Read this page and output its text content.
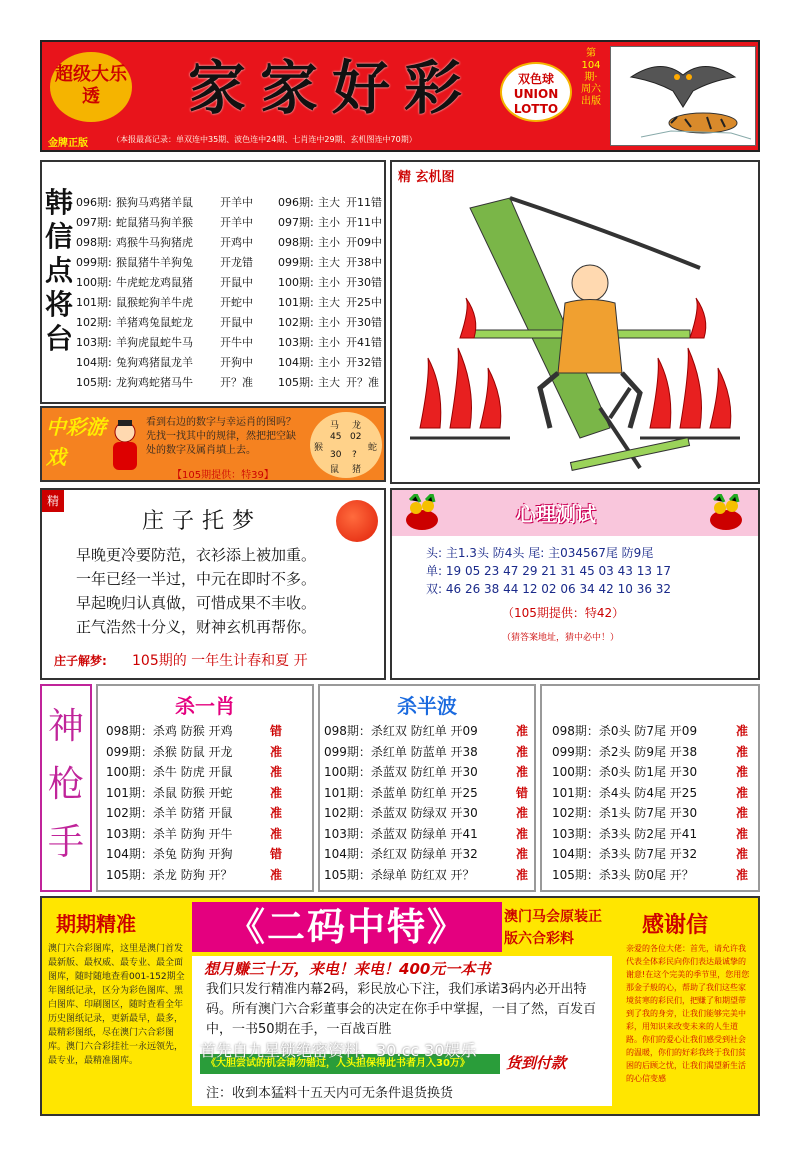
超级大乐透	家家好彩	双色球 UNION LOTTO
第104期·周六出版
金牌正版	（本报最高记录：单双连中35期、波色连中24期、七肖连中29期、玄机图连中70期）
韩信点将台
096期: 猴狗马鸡猪羊鼠 开羊中
097期: 蛇鼠猪马狗羊猴 开羊中
098期: 鸡猴牛马狗猪虎 开鸡中
099期: 猴鼠猪牛羊狗兔 开龙错
100期: 牛虎蛇龙鸡鼠猪 开鼠中
101期: 鼠猴蛇狗羊牛虎 开蛇中
102期: 羊猪鸡兔鼠蛇龙 开鼠中
103期: 羊狗虎鼠蛇牛马 开牛中
104期: 兔狗鸡猪鼠龙羊 开狗中
105期: 龙狗鸡蛇猪马牛 开？准
096期: 主大 开11错
097期: 主小 开11中
098期: 主小 开09中
099期: 主大 开38中
100期: 主小 开30错
101期: 主大 开25中
102期: 主小 开30错
103期: 主小 开41错
104期: 主小 开32错
105期: 主大 开？准
中彩游戏
看到右边的数字与幸运肖的图吗？先找一找其中的规律，然把把空缺处的数字及属肖填上去。
【105期提供：特39】
马 龙
蛇
猴
鼠 猪
45 02
30 ?
精 玄机图
精
庄子托梦
早晚更冷要防范，衣衫添上被加重。
一年已经一半过，中元在即时不多。
早起晚归认真做，可惜成果不丰收。
正气浩然十分义，财神玄机再帮你。
庄子解梦: 105期的 一年生计春和夏 开
心理测试
头: 主1.3头 防4头 尾: 主034567尾 防9尾
单: 19 05 23 47 29 21 31 45 03 43 13 17
双: 46 26 38 44 12 02 06 34 42 10 36 32
（105期提供：特42）
（猜答案地址，猜中必中！）
神枪手
杀一肖
098期：杀鸡 防猴 开鸡	错
099期：杀猴 防鼠 开龙	准
100期：杀牛 防虎 开鼠	准
101期：杀鼠 防猴 开蛇	准
102期：杀羊 防猪 开鼠	准
103期：杀羊 防狗 开牛	准
104期：杀兔 防狗 开狗	错
105期：杀龙 防狗 开？	准
杀半波
098期：杀红双 防红单 开09	准
099期：杀红单 防蓝单 开38	准
100期：杀蓝双 防红单 开30	准
101期：杀蓝单 防红单 开25	错
102期：杀蓝双 防绿双 开30	准
103期：杀蓝双 防绿单 开41	准
104期：杀红双 防绿单 开32	准
105期：杀绿单 防红双 开？	准
098期：杀0头 防7尾 开09	准
099期：杀2头 防9尾 开38	准
100期：杀0头 防1尾 开30	准
101期：杀4头 防4尾 开25	准
102期：杀1头 防7尾 开30	准
103期：杀3头 防2尾 开41	准
104期：杀3头 防7尾 开32	准
105期：杀3头 防0尾 开？	准
期期精准
澳门六合彩图库，这里是澳门首发最新版、最权威、最专业、最全面图库，随时随地查看001-152期全年图纸记录，区分为彩色图库、黑白图库、印刷图区，随时查看全年历史图纸记录，更新最早，最多，最精彩图纸，尽在澳门六合彩图库。澳门六合彩挂社一永远领先，最专业，最精准图库。
《二码中特》	澳门马会原装正版六合彩料
想月赚三十万，来电！来电！400元一本书
我们只发行精准内幕2码，彩民放心下注，我们承诺3码内必开出特码。所有澳门六合彩董事会的决定在你手中掌握，一目了然，百发百中，一书50期在手，一百战百胜
《大胆尝试的机会请勿错过，人头担保得此书者月入30万》	货到付款
注：收到本猛料十五天内可无条件退货换货
感谢信
亲爱的各位大佬：首先，请允许我代表全体彩民向你们表达最诚挚的谢意!在这个完美的季节里，您用您那金子般的心，帮助了我们这些家境贫寒的彩民们，把赚了和期望带到了我的身旁，让我们能够完美中彩，用知识来改变未来的人生道路。你们的爱心让我们感受到社会的温暖，你们的好彩我终于我们贫困的后顾之忧，让我们渴望新生活的心信变感
首先自九星锁绝密资料，30.cc 30娱乐
